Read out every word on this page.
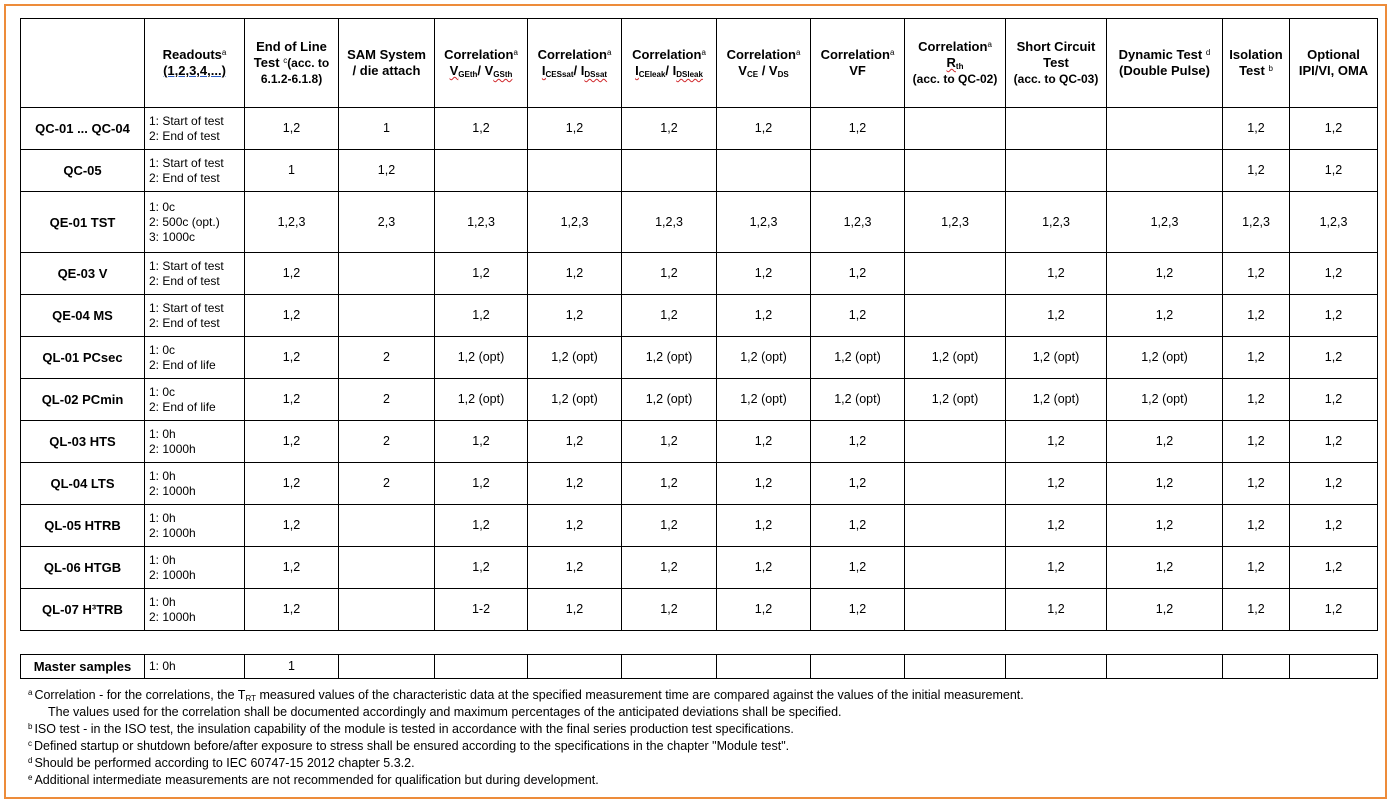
	Readouts$^a$
(1,2,3,4,...)	End of Line
Test $^c$(acc. to
6.1.2-6.1.8)	SAM System
/ die attach	Correlation$^a$
$V_{GEth}/$ $V_{GSth}$	Correlation$^a$
$I_{CESsat}/$ $I_{DSsat}$	Correlation$^a$
$I_{CEleak}/$ $I_{DSleak}$	Correlation$^a$
$V_{CE} / V_{DS}$	Correlation$^a$
VF	Correlation$^a$
$R_{th}$
(acc. to QC-02)	Short Circuit
Test
(acc. to QC-03)	Dynamic Test $^d$
(Double Pulse)	Isolation
Test $^b$	Optional
IPI/VI, OMA
QC-01 ... QC-04	1: Start of test
2: End of test	1,2	1	1,2	1,2	1,2	1,2	1,2				1,2	1,2
QC-05	1: Start of test
2: End of test	1	1,2									1,2	1,2
QE-01 TST	1: 0c
2: 500c (opt.)
3: 1000c	1,2,3	2,3	1,2,3	1,2,3	1,2,3	1,2,3	1,2,3	1,2,3	1,2,3	1,2,3	1,2,3	1,2,3
QE-03 V	1: Start of test
2: End of test	1,2		1,2	1,2	1,2	1,2	1,2		1,2	1,2	1,2	1,2
QE-04 MS	1: Start of test
2: End of test	1,2		1,2	1,2	1,2	1,2	1,2		1,2	1,2	1,2	1,2
QL-01 PCsec	1: 0c
2: End of life	1,2	2	1,2 (opt)	1,2 (opt)	1,2 (opt)	1,2 (opt)	1,2 (opt)	1,2 (opt)	1,2 (opt)	1,2 (opt)	1,2	1,2
QL-02 PCmin	1: 0c
2: End of life	1,2	2	1,2 (opt)	1,2 (opt)	1,2 (opt)	1,2 (opt)	1,2 (opt)	1,2 (opt)	1,2 (opt)	1,2 (opt)	1,2	1,2
QL-03 HTS	1: 0h
2: 1000h	1,2	2	1,2	1,2	1,2	1,2	1,2		1,2	1,2	1,2	1,2
QL-04 LTS	1: 0h
2: 1000h	1,2	2	1,2	1,2	1,2	1,2	1,2		1,2	1,2	1,2	1,2
QL-05 HTRB	1: 0h
2: 1000h	1,2		1,2	1,2	1,2	1,2	1,2		1,2	1,2	1,2	1,2
QL-06 HTGB	1: 0h
2: 1000h	1,2		1,2	1,2	1,2	1,2	1,2		1,2	1,2	1,2	1,2
QL-07 H³TRB	1: 0h
2: 1000h	1,2		1-2	1,2	1,2	1,2	1,2		1,2	1,2	1,2	1,2
Master samples	1: 0h	1											
$^a$ Correlation - for the correlations, the $T_{RT}$ measured values of the characteristic data at the specified measurement time are compared against the values of the initial measurement.
The values used for the correlation shall be documented accordingly and maximum percentages of the anticipated deviations shall be specified.
$^b$ ISO test - in the ISO test, the insulation capability of the module is tested in accordance with the final series production test specifications.
$^c$ Defined startup or shutdown before/after exposure to stress shall be ensured according to the specifications in the chapter "Module test".
$^d$ Should be performed according to IEC 60747-15 2012 chapter 5.3.2.
$^e$ Additional intermediate measurements are not recommended for qualification but during development.
